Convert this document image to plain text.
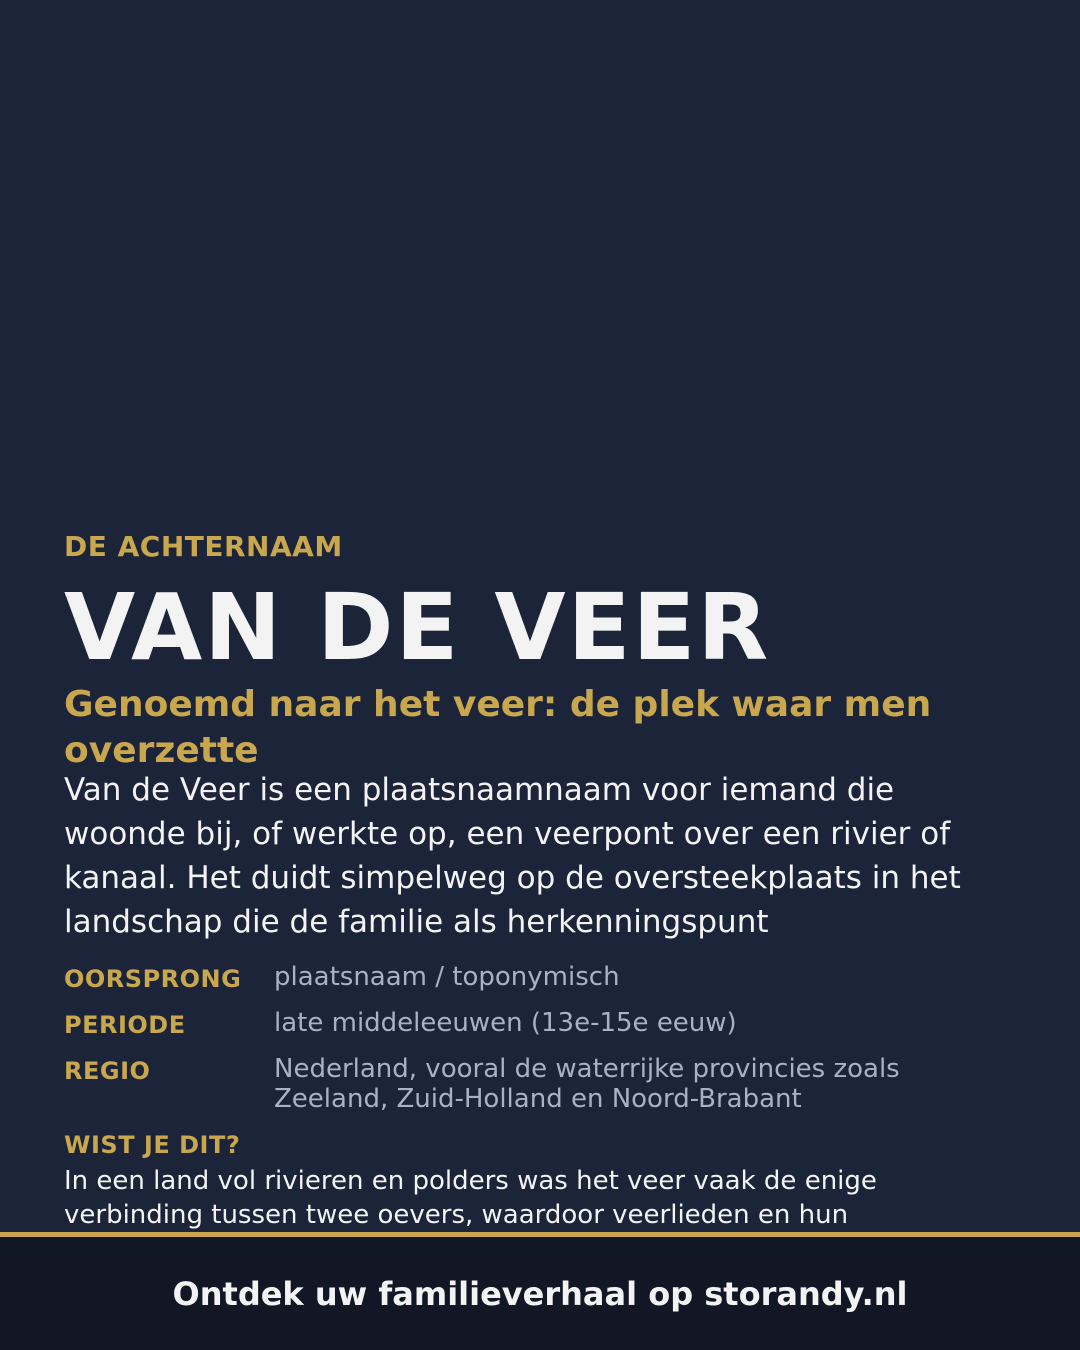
DE ACHTERNAAM
VAN DE VEER
Genoemd naar het veer: de plek waar men overzette
Van de Veer is een plaatsnaamnaam voor iemand die woonde bij, of werkte op, een veerpont over een rivier of kanaal. Het duidt simpelweg op de oversteekplaats in het landschap die de familie als herkenningspunt
OORSPRONG	plaatsnaam / toponymisch
PERIODE	late middeleeuwen (13e-15e eeuw)
REGIO	Nederland, vooral de waterrijke provincies zoals Zeeland, Zuid-Holland en Noord-Brabant
WIST JE DIT?
In een land vol rivieren en polders was het veer vaak de enige verbinding tussen twee oevers, waardoor veerlieden en hun
Ontdek uw familieverhaal op storandy.nl
